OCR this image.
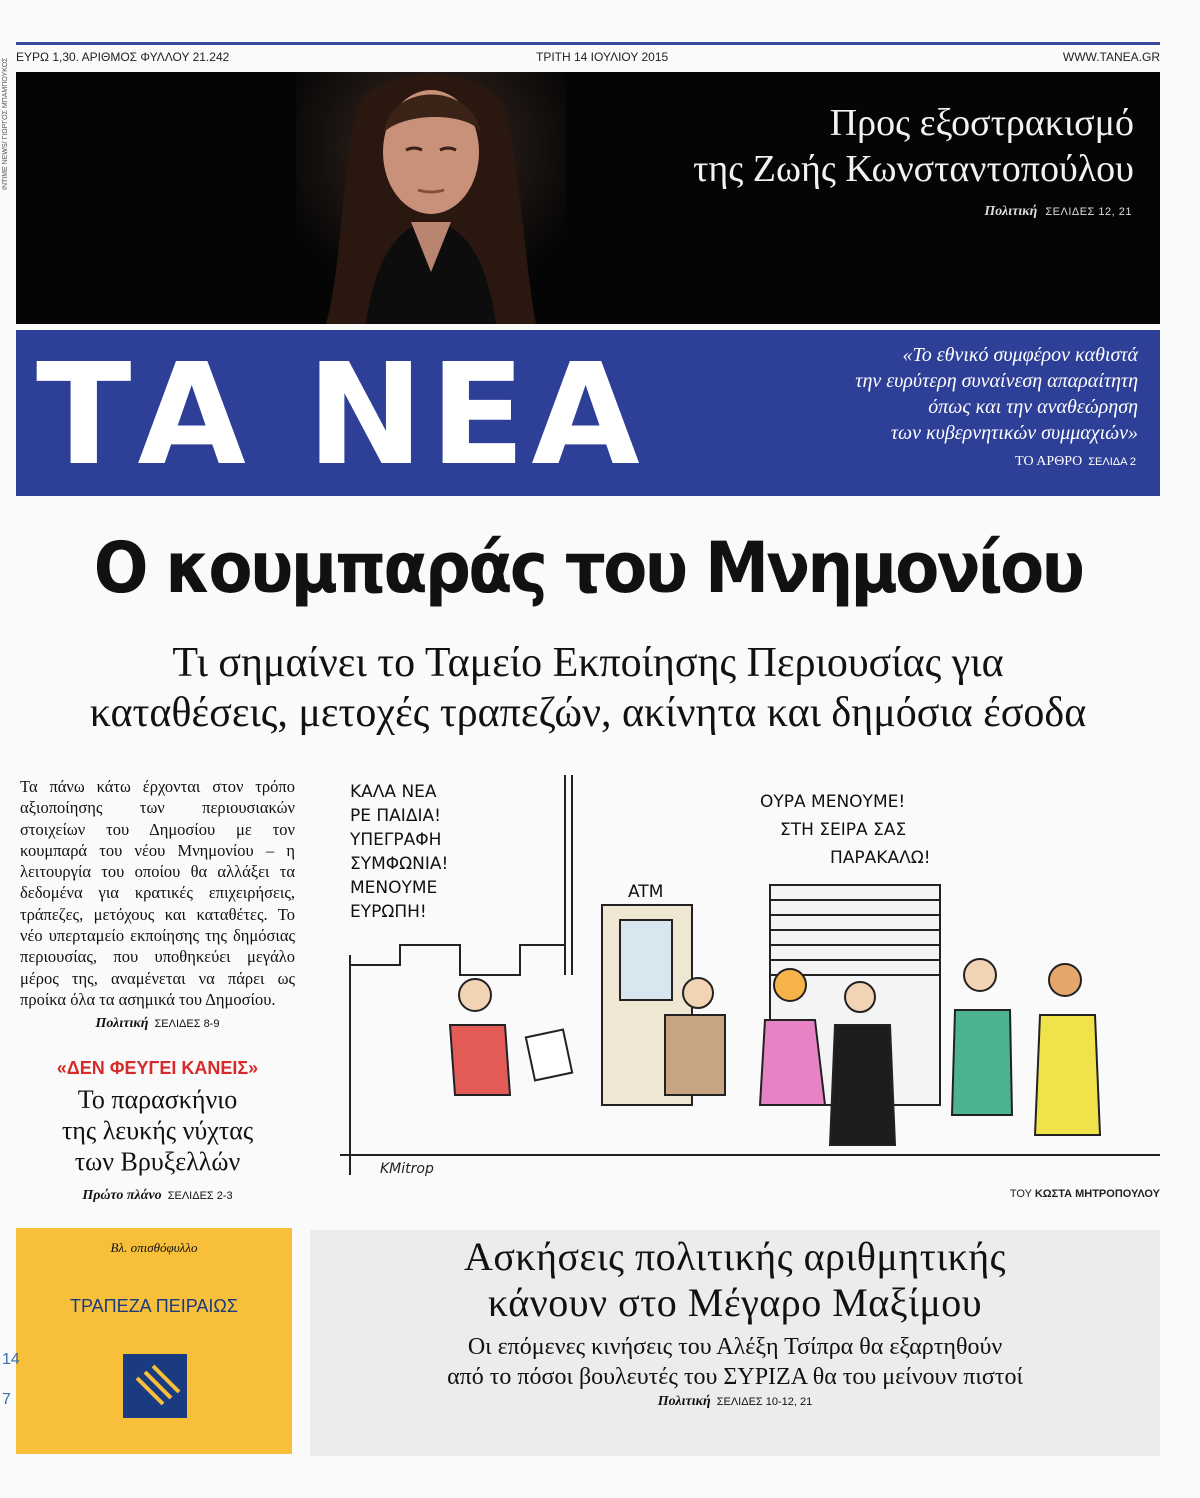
ΕΥΡΩ 1,30. ΑΡΙΘΜΟΣ ΦΥΛΛΟΥ 21.242	ΤΡΙΤΗ 14 ΙΟΥΛΙΟΥ 2015	WWW.TANEA.GR
Προς εξοστρακισμό
της Ζωής Κωνσταντοπούλου
Πολιτική ΣΕΛΙΔΕΣ 12, 21
INTIME NEWS/ ΓΙΩΡΓΟΣ ΜΠΑΜΠΟΥΚΟΣ
ΤΑ ΝΕΑ	«Το εθνικό συμφέρον καθιστά
την ευρύτερη συναίνεση απαραίτητη
όπως και την αναθεώρηση
των κυβερνητικών συμμαχιών»
ΤΟ ΑΡΘΡΟ ΣΕΛΙΔΑ 2
Ο κουμπαράς του Μνημονίου
Τι σημαίνει το Ταμείο Εκποίησης Περιουσίας για
καταθέσεις, μετοχές τραπεζών, ακίνητα και δημόσια έσοδα
Τα πάνω κάτω έρχονται στον τρόπο αξιοποίησης των περιουσιακών στοιχείων του Δημοσίου με τον κουμπαρά του νέου Μνημονίου – η λειτουργία του οποίου θα αλλάξει τα δεδομένα για κρατικές επιχειρήσεις, τράπεζες, μετόχους και καταθέτες. Το νέο υπερταμείο εκποίησης της δημόσιας περιουσίας, που υποθηκεύει μεγάλο μέρος της, αναμένεται να πάρει ως προίκα όλα τα ασημικά του Δημοσίου.
Πολιτική ΣΕΛΙΔΕΣ 8-9
«ΔΕΝ ΦΕΥΓΕΙ ΚΑΝΕΙΣ»
Το παρασκήνιο
της λευκής νύχτας
των Βρυξελλών
Πρώτο πλάνο ΣΕΛΙΔΕΣ 2-3
ΚΑΛΑ ΝΕΑ
ΡΕ ΠΑΙΔΙΑ!
ΥΠΕΓΡΑΦΗ
ΣΥΜΦΩΝΙΑ!
ΜΕΝΟΥΜΕ
ΕΥΡΩΠΗ!
ΟΥΡΑ ΜΕΝΟΥΜΕ!
ΣΤΗ ΣΕΙΡΑ ΣΑΣ
ΠΑΡΑΚΑΛΩ!
ATM
KMitrop
ΤΟΥ ΚΩΣΤΑ ΜΗΤΡΟΠΟΥΛΟΥ
Βλ. οπισθόφυλλο
ΤΡΑΠΕΖΑ ΠΕΙΡΑΙΩΣ
Ασκήσεις πολιτικής αριθμητικής
κάνουν στο Μέγαρο Μαξίμου
Οι επόμενες κινήσεις του Αλέξη Τσίπρα θα εξαρτηθούν
από το πόσοι βουλευτές του ΣΥΡΙΖΑ θα του μείνουν πιστοί
Πολιτική ΣΕΛΙΔΕΣ 10-12, 21
14
7
